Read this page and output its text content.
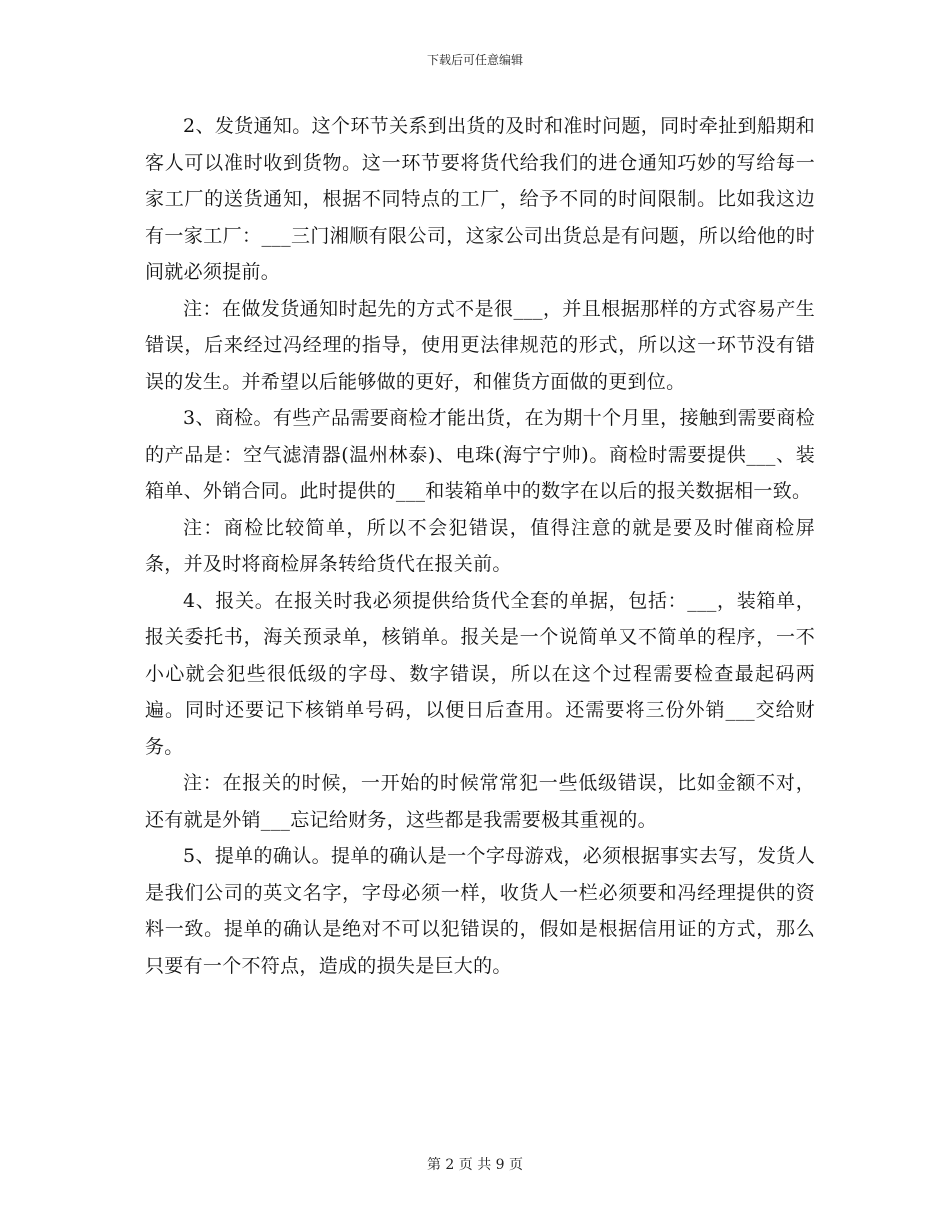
下载后可任意编辑

2、发货通知。这个环节关系到出货的及时和准时问题，同时牵扯到船期和客人可以准时收到货物。这一环节要将货代给我们的进仓通知巧妙的写给每一家工厂的送货通知，根据不同特点的工厂，给予不同的时间限制。比如我这边有一家工厂：___三门湘顺有限公司，这家公司出货总是有问题，所以给他的时间就必须提前。

注：在做发货通知时起先的方式不是很___，并且根据那样的方式容易产生错误，后来经过冯经理的指导，使用更法律规范的形式，所以这一环节没有错误的发生。并希望以后能够做的更好，和催货方面做的更到位。

3、商检。有些产品需要商检才能出货，在为期十个月里，接触到需要商检的产品是：空气滤清器(温州林泰)、电珠(海宁宁帅)。商检时需要提供___、装箱单、外销合同。此时提供的___和装箱单中的数字在以后的报关数据相一致。

注：商检比较简单，所以不会犯错误，值得注意的就是要及时催商检屏条，并及时将商检屏条转给货代在报关前。

4、报关。在报关时我必须提供给货代全套的单据，包括：___，装箱单，报关委托书，海关预录单，核销单。报关是一个说简单又不简单的程序，一不小心就会犯些很低级的字母、数字错误，所以在这个过程需要检查最起码两遍。同时还要记下核销单号码，以便日后查用。还需要将三份外销___交给财务。

注：在报关的时候，一开始的时候常常犯一些低级错误，比如金额不对，还有就是外销___忘记给财务，这些都是我需要极其重视的。

5、提单的确认。提单的确认是一个字母游戏，必须根据事实去写，发货人是我们公司的英文名字，字母必须一样，收货人一栏必须要和冯经理提供的资料一致。提单的确认是绝对不可以犯错误的，假如是根据信用证的方式，那么只要有一个不符点，造成的损失是巨大的。

第 2 页 共 9 页
